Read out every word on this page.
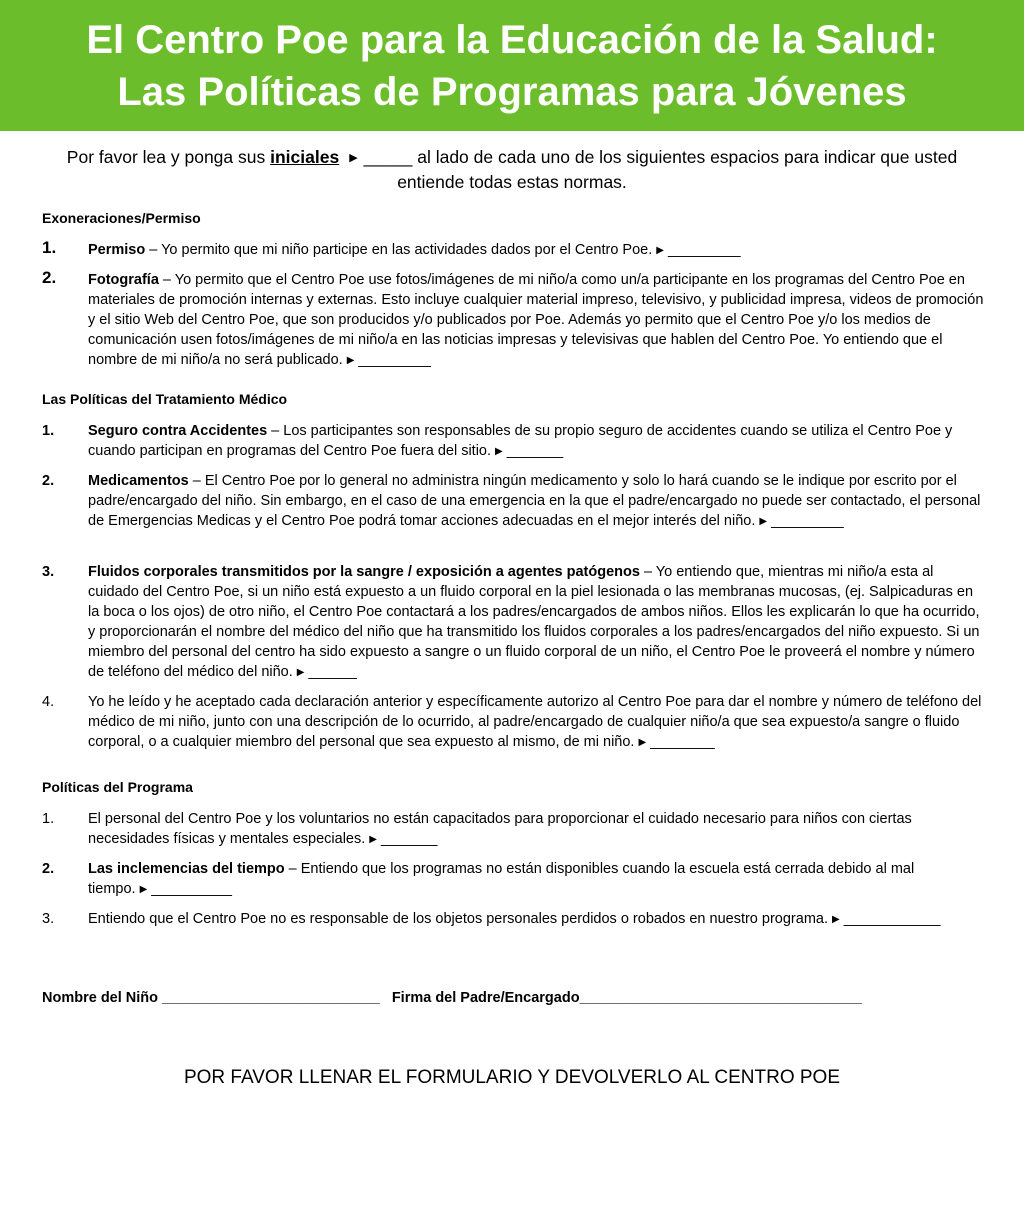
El Centro Poe para la Educación de la Salud:
Las Políticas de Programas para Jóvenes
Por favor lea y ponga sus iniciales ▶ _____ al lado de cada uno de los siguientes espacios para indicar que usted entiende todas estas normas.
Exoneraciones/Permiso
1.	Permiso – Yo permito que mi niño participe en las actividades dados por el Centro Poe. ▶ _________
2.	Fotografía – Yo permito que el Centro Poe use fotos/imágenes de mi niño/a como un/a participante en los programas del Centro Poe en materiales de promoción internas y externas. Esto incluye cualquier material impreso, televisivo, y publicidad impresa, videos de promoción y el sitio Web del Centro Poe, que son producidos y/o publicados por Poe. Además yo permito que el Centro Poe y/o los medios de comunicación usen fotos/imágenes de mi niño/a en las noticias impresas y televisivas que hablen del Centro Poe. Yo entiendo que el nombre de mi niño/a no será publicado. ▶ _________
Las Políticas del Tratamiento Médico
1.	Seguro contra Accidentes – Los participantes son responsables de su propio seguro de accidentes cuando se utiliza el Centro Poe y cuando participan en programas del Centro Poe fuera del sitio. ▶ _______
2.	Medicamentos – El Centro Poe por lo general no administra ningún medicamento y solo lo hará cuando se le indique por escrito por el padre/encargado del niño. Sin embargo, en el caso de una emergencia en la que el padre/encargado no puede ser contactado, el personal de Emergencias Medicas y el Centro Poe podrá tomar acciones adecuadas en el mejor interés del niño. ▶ _________
3.	Fluidos corporales transmitidos por la sangre / exposición a agentes patógenos – Yo entiendo que, mientras mi niño/a esta al cuidado del Centro Poe, si un niño está expuesto a un fluido corporal en la piel lesionada o las membranas mucosas, (ej. Salpicaduras en la boca o los ojos) de otro niño, el Centro Poe contactará a los padres/encargados de ambos niños. Ellos les explicarán lo que ha ocurrido, y proporcionarán el nombre del médico del niño que ha transmitido los fluidos corporales a los padres/encargados del niño expuesto. Si un miembro del personal del centro ha sido expuesto a sangre o un fluido corporal de un niño, el Centro Poe le proveerá el nombre y número de teléfono del médico del niño. ▶ ______
4.	Yo he leído y he aceptado cada declaración anterior y específicamente autorizo al Centro Poe para dar el nombre y número de teléfono del médico de mi niño, junto con una descripción de lo ocurrido, al padre/encargado de cualquier niño/a que sea expuesto/a sangre o fluido corporal, o a cualquier miembro del personal que sea expuesto al mismo, de mi niño. ▶ ________
Políticas del Programa
1.	El personal del Centro Poe y los voluntarios no están capacitados para proporcionar el cuidado necesario para niños con ciertas necesidades físicas y mentales especiales. ▶ _______
2.	Las inclemencias del tiempo – Entiendo que los programas no están disponibles cuando la escuela está cerrada debido al mal tiempo. ▶ __________
3.	Entiendo que el Centro Poe no es responsable de los objetos personales perdidos o robados en nuestro programa. ▶ ____________
Nombre del Niño ___________________________ Firma del Padre/Encargado___________________________________
POR FAVOR LLENAR EL FORMULARIO Y DEVOLVERLO AL CENTRO POE
